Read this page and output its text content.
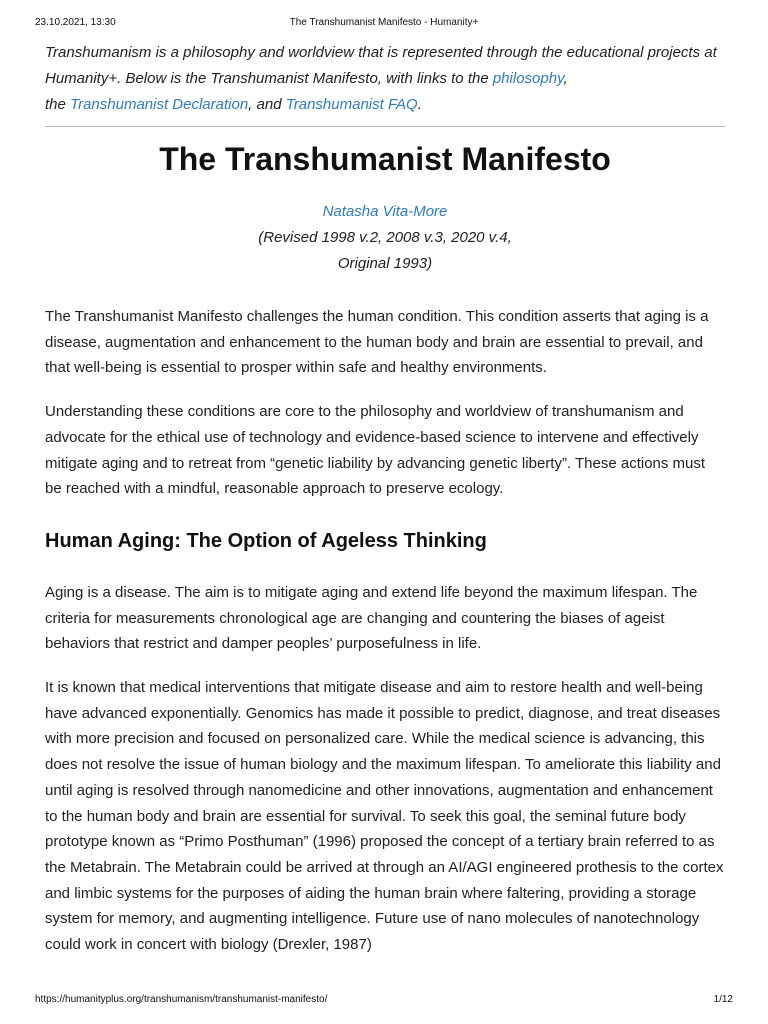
23.10.2021, 13:30	The Transhumanist Manifesto - Humanity+

Transhumanism is a philosophy and worldview that is represented through the educational projects at Humanity+. Below is the Transhumanist Manifesto, with links to the philosophy,
the Transhumanist Declaration, and Transhumanist FAQ.

The Transhumanist Manifesto
Natasha Vita-More
(Revised 1998 v.2, 2008 v.3, 2020 v.4,
Original 1993)

The Transhumanist Manifesto challenges the human condition. This condition asserts that aging is a disease, augmentation and enhancement to the human body and brain are essential to prevail, and that well-being is essential to prosper within safe and healthy environments.

Understanding these conditions are core to the philosophy and worldview of transhumanism and advocate for the ethical use of technology and evidence-based science to intervene and effectively mitigate aging and to retreat from “genetic liability by advancing genetic liberty”. These actions must be reached with a mindful, reasonable approach to preserve ecology.

Human Aging: The Option of Ageless Thinking

Aging is a disease. The aim is to mitigate aging and extend life beyond the maximum lifespan. The criteria for measurements chronological age are changing and countering the biases of ageist behaviors that restrict and damper peoples’ purposefulness in life.

It is known that medical interventions that mitigate disease and aim to restore health and well-being have advanced exponentially. Genomics has made it possible to predict, diagnose, and treat diseases with more precision and focused on personalized care. While the medical science is advancing, this does not resolve the issue of human biology and the maximum lifespan. To ameliorate this liability and until aging is resolved through nanomedicine and other innovations, augmentation and enhancement to the human body and brain are essential for survival. To seek this goal, the seminal future body prototype known as “Primo Posthuman” (1996) proposed the concept of a tertiary brain referred to as the Metabrain. The Metabrain could be arrived at through an AI/AGI engineered prothesis to the cortex and limbic systems for the purposes of aiding the human brain where faltering, providing a storage system for memory, and augmenting intelligence. Future use of nano molecules of nanotechnology could work in concert with biology (Drexler, 1987)

https://humanityplus.org/transhumanism/transhumanist-manifesto/	1/12
